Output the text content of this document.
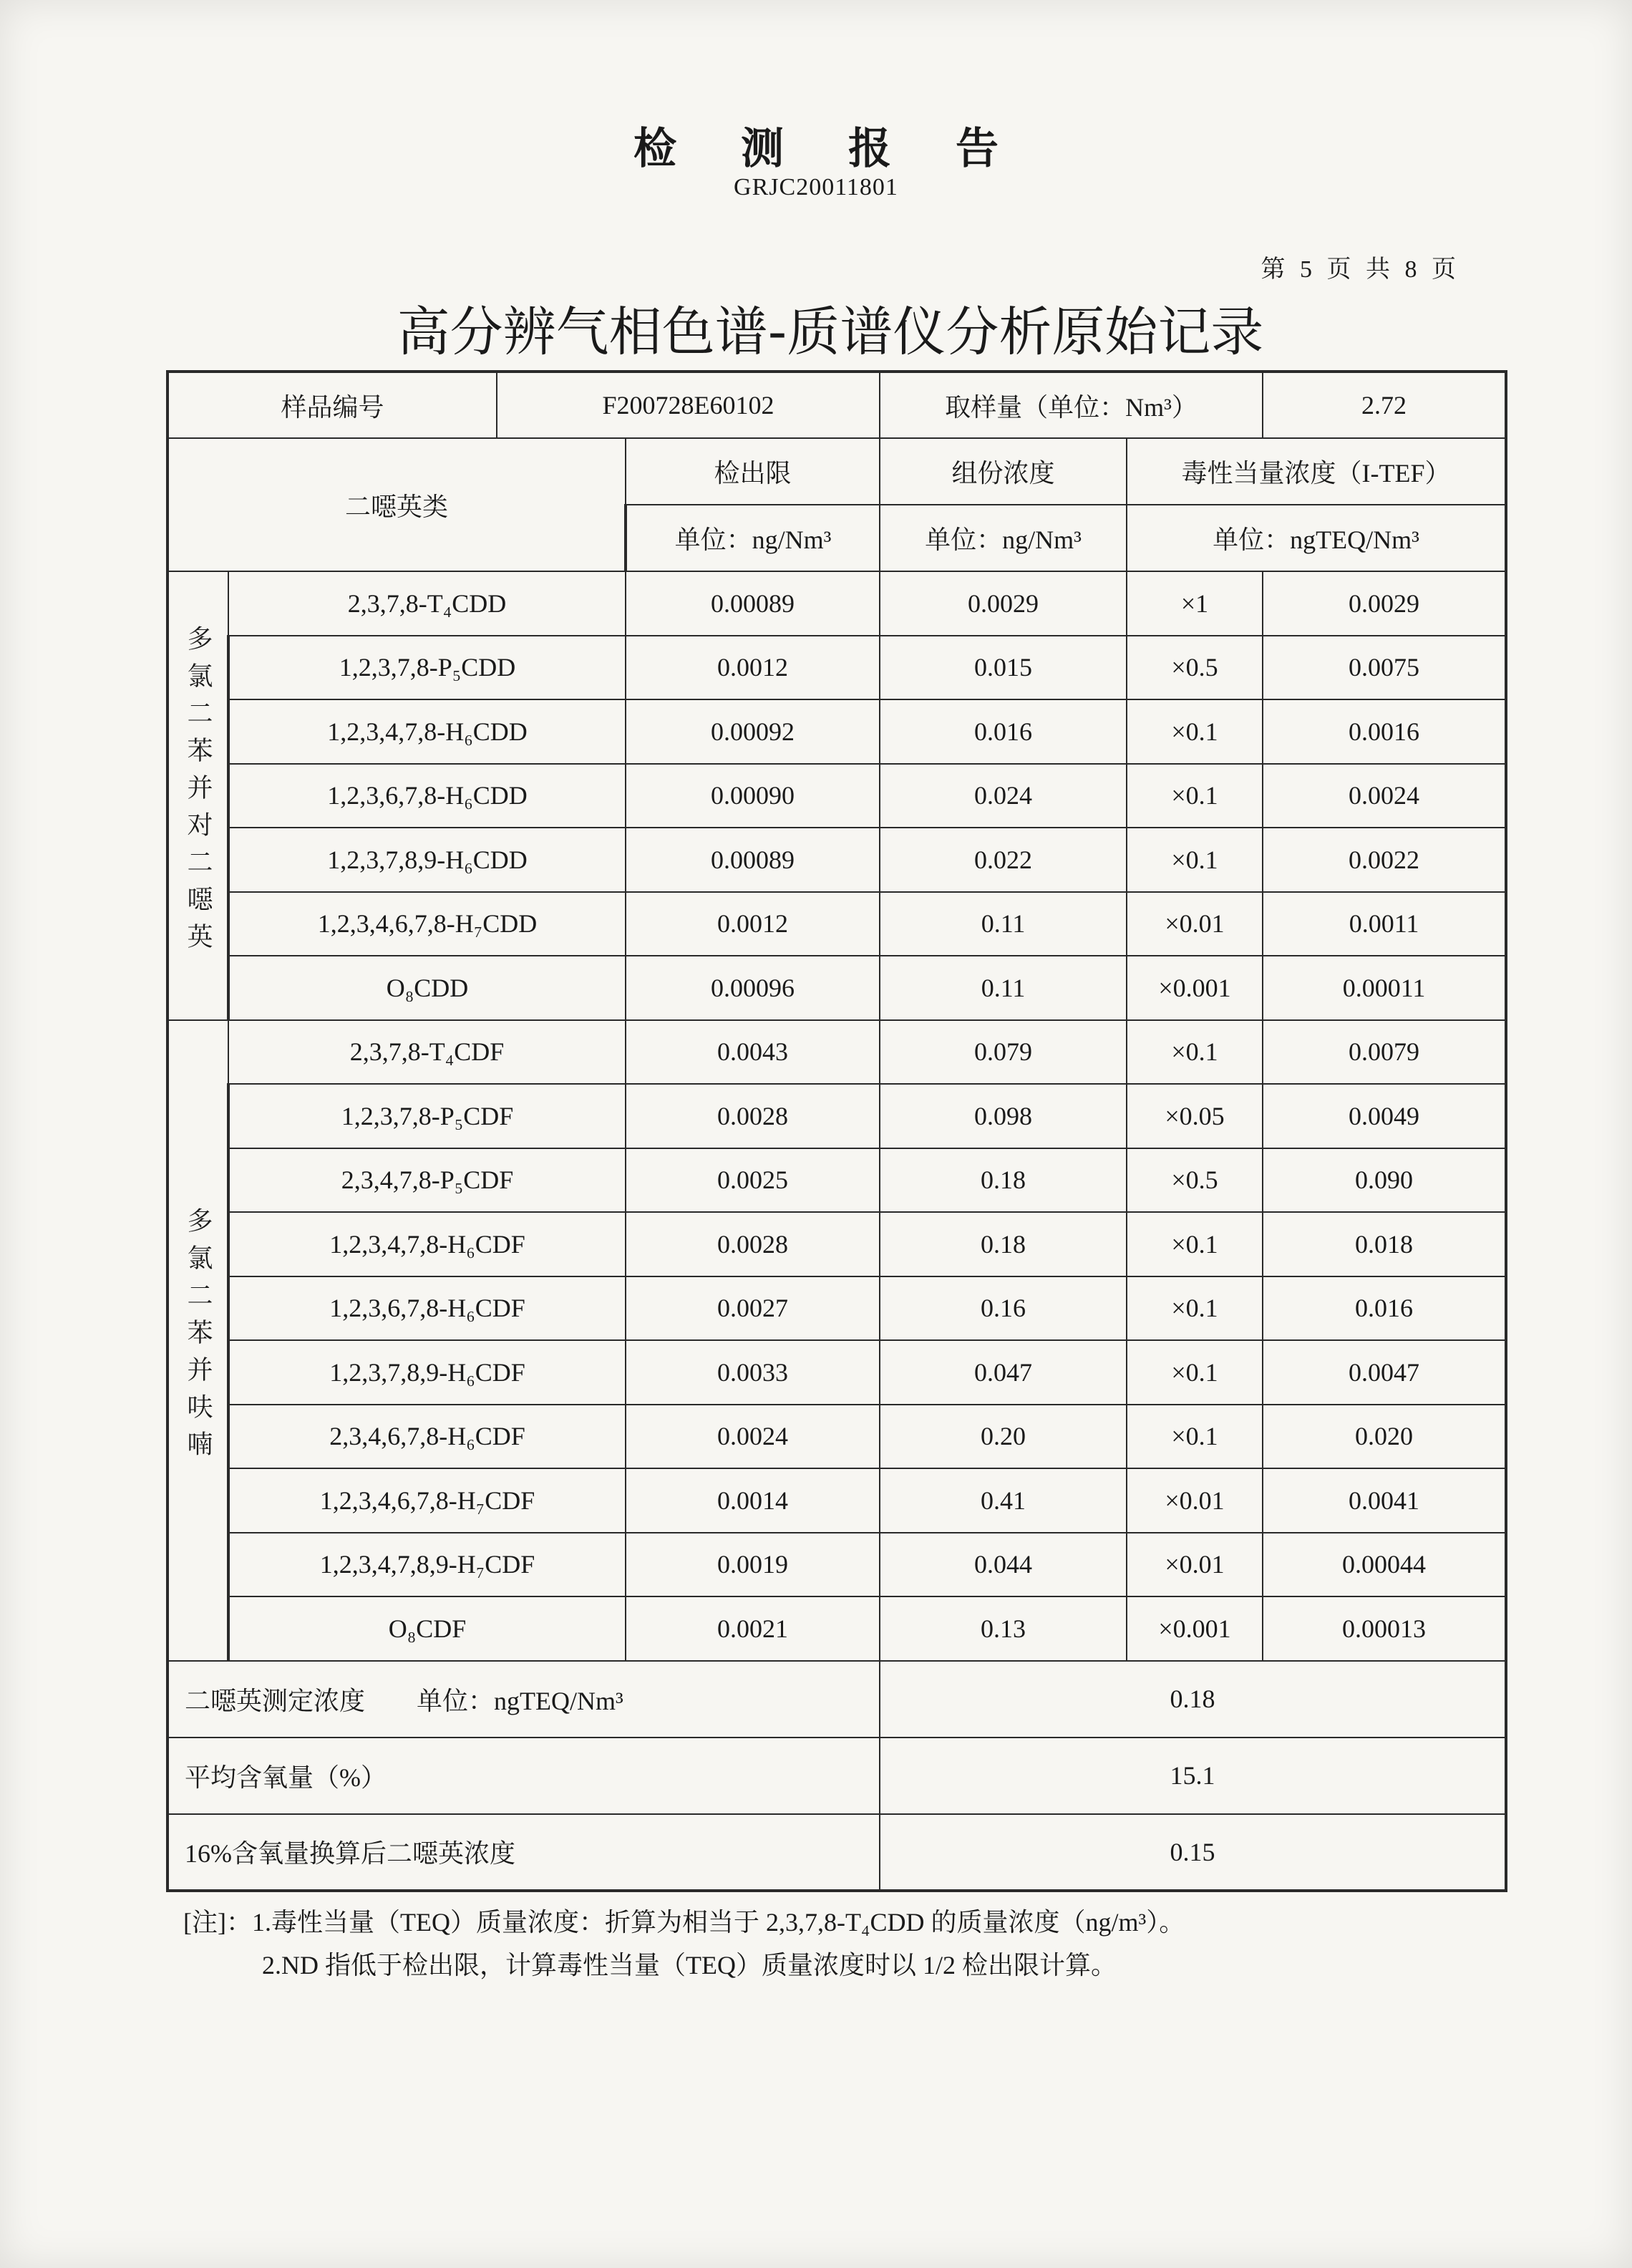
检测报告
GRJC20011801
第 5 页 共 8 页
高分辨气相色谱-质谱仪分析原始记录
样品编号		F200728E60102		取样量（单位：Nm³）		2.72
二噁英类			检出限	组份浓度	毒性当量浓度（I-TEF）	
			单位：ng/Nm³	单位：ng/Nm³	单位：ngTEQ/Nm³	
多氯二苯并对二噁英	2,3,7,8-T₄CDD		0.00089	0.0029	×1	0.0029
	1,2,3,7,8-P₅CDD		0.0012	0.015	×0.5	0.0075
	1,2,3,4,7,8-H₆CDD		0.00092	0.016	×0.1	0.0016
	1,2,3,6,7,8-H₆CDD		0.00090	0.024	×0.1	0.0024
	1,2,3,7,8,9-H₆CDD		0.00089	0.022	×0.1	0.0022
	1,2,3,4,6,7,8-H₇CDD		0.0012	0.11	×0.01	0.0011
	O₈CDD		0.00096	0.11	×0.001	0.00011
多氯二苯并呋喃	2,3,7,8-T₄CDF		0.0043	0.079	×0.1	0.0079
	1,2,3,7,8-P₅CDF		0.0028	0.098	×0.05	0.0049
	2,3,4,7,8-P₅CDF		0.0025	0.18	×0.5	0.090
	1,2,3,4,7,8-H₆CDF		0.0028	0.18	×0.1	0.018
	1,2,3,6,7,8-H₆CDF		0.0027	0.16	×0.1	0.016
	1,2,3,7,8,9-H₆CDF		0.0033	0.047	×0.1	0.0047
	2,3,4,6,7,8-H₆CDF		0.0024	0.20	×0.1	0.020
	1,2,3,4,6,7,8-H₇CDF		0.0014	0.41	×0.01	0.0041
	1,2,3,4,7,8,9-H₇CDF		0.0019	0.044	×0.01	0.00044
	O₈CDF		0.0021	0.13	×0.001	0.00013
二噁英测定浓度　　单位：ngTEQ/Nm³				0.18		
平均含氧量（%）				15.1		
16%含氧量换算后二噁英浓度				0.15		
[注]：1.毒性当量（TEQ）质量浓度：折算为相当于 2,3,7,8-T₄CDD 的质量浓度（ng/m³）。
2.ND 指低于检出限，计算毒性当量（TEQ）质量浓度时以 1/2 检出限计算。
